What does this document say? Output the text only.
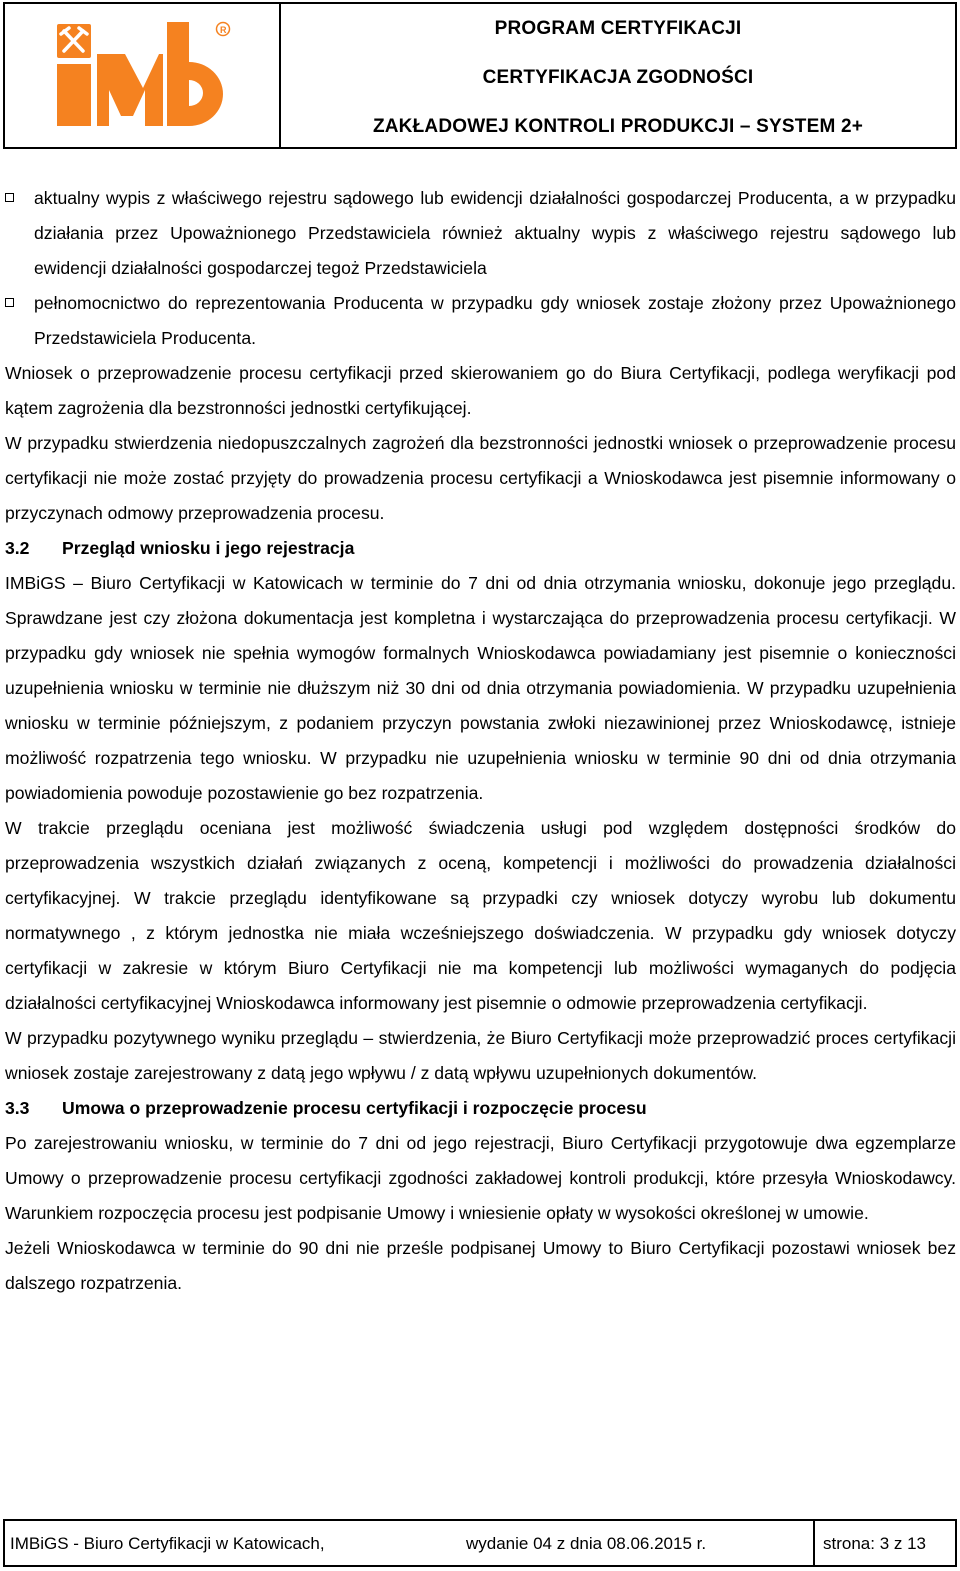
R	PROGRAM CERTYFIKACJI
CERTYFIKACJA ZGODNOŚCI
ZAKŁADOWEJ KONTROLI PRODUKCJI – SYSTEM 2+

aktualny wypis z właściwego rejestru sądowego lub ewidencji działalności gospodarczej Producenta, a w przypadku działania przez Upoważnionego Przedstawiciela również aktualny wypis z właściwego rejestru sądowego lub ewidencji działalności gospodarczej tegoż Przedstawiciela

pełnomocnictwo do reprezentowania Producenta w przypadku gdy wniosek zostaje złożony przez Upoważnionego Przedstawiciela Producenta.

Wniosek o przeprowadzenie procesu certyfikacji przed skierowaniem go do Biura Certyfikacji, podlega weryfikacji pod kątem zagrożenia dla bezstronności jednostki certyfikującej.

W przypadku stwierdzenia niedopuszczalnych zagrożeń dla bezstronności jednostki wniosek o przeprowadzenie procesu certyfikacji nie może zostać przyjęty do prowadzenia procesu certyfikacji a Wnioskodawca jest pisemnie informowany o przyczynach odmowy przeprowadzenia procesu.

3.2 Przegląd wniosku i jego rejestracja

IMBiGS – Biuro Certyfikacji w Katowicach w terminie do 7 dni od dnia otrzymania wniosku, dokonuje jego przeglądu. Sprawdzane jest czy złożona dokumentacja jest kompletna i wystarczająca do przeprowadzenia procesu certyfikacji. W przypadku gdy wniosek nie spełnia wymogów formalnych Wnioskodawca powiadamiany jest pisemnie o konieczności uzupełnienia wniosku w terminie nie dłuższym niż 30 dni od dnia otrzymania powiadomienia. W przypadku uzupełnienia wniosku w terminie późniejszym, z podaniem przyczyn powstania zwłoki niezawinionej przez Wnioskodawcę, istnieje możliwość rozpatrzenia tego wniosku. W przypadku nie uzupełnienia wniosku w terminie 90 dni od dnia otrzymania powiadomienia powoduje pozostawienie go bez rozpatrzenia.

W trakcie przeglądu oceniana jest możliwość świadczenia usługi pod względem dostępności środków do przeprowadzenia wszystkich działań związanych z oceną, kompetencji i możliwości do prowadzenia działalności certyfikacyjnej. W trakcie przeglądu identyfikowane są przypadki czy wniosek dotyczy wyrobu lub dokumentu normatywnego , z którym jednostka nie miała wcześniejszego doświadczenia. W przypadku gdy wniosek dotyczy certyfikacji w zakresie w którym Biuro Certyfikacji nie ma kompetencji lub możliwości wymaganych do podjęcia działalności certyfikacyjnej Wnioskodawca informowany jest pisemnie o odmowie przeprowadzenia certyfikacji.

W przypadku pozytywnego wyniku przeglądu – stwierdzenia, że Biuro Certyfikacji może przeprowadzić proces certyfikacji wniosek zostaje zarejestrowany z datą jego wpływu / z datą wpływu uzupełnionych dokumentów.

3.3 Umowa o przeprowadzenie procesu certyfikacji i rozpoczęcie procesu

Po zarejestrowaniu wniosku, w terminie do 7 dni od jego rejestracji, Biuro Certyfikacji przygotowuje dwa egzemplarze Umowy o przeprowadzenie procesu certyfikacji zgodności zakładowej kontroli produkcji, które przesyła Wnioskodawcy. Warunkiem rozpoczęcia procesu jest podpisanie Umowy i wniesienie opłaty w wysokości określonej w umowie.

Jeżeli Wnioskodawca w terminie do 90 dni nie prześle podpisanej Umowy to Biuro Certyfikacji pozostawi wniosek bez dalszego rozpatrzenia.

IMBiGS - Biuro Certyfikacji w Katowicach,	wydanie 04 z dnia 08.06.2015 r.	strona: 3 z 13
